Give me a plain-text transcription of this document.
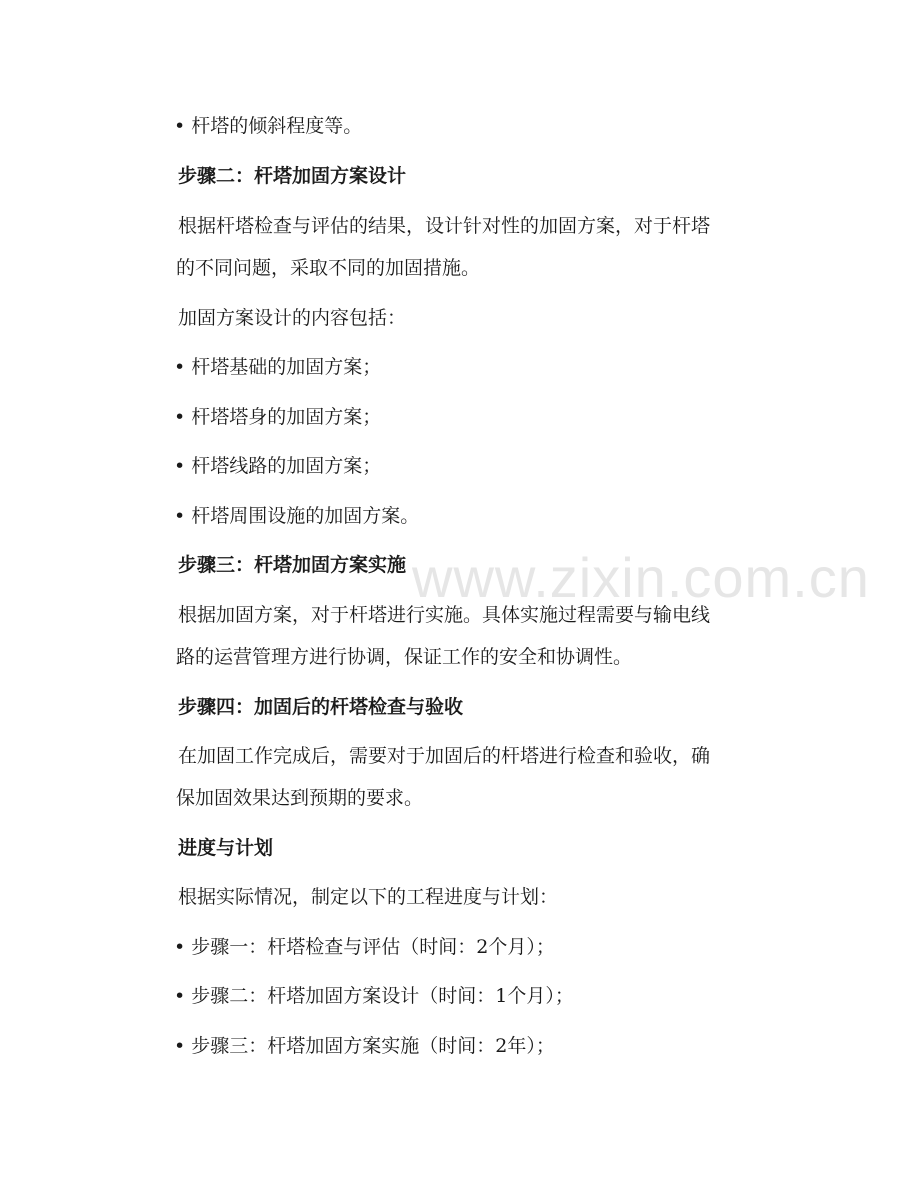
www.zixin.com.cn
• 杆塔的倾斜程度等。
步骤二：杆塔加固方案设计
根据杆塔检查与评估的结果，设计针对性的加固方案，对于杆塔
的不同问题，采取不同的加固措施。
加固方案设计的内容包括：
• 杆塔基础的加固方案；
• 杆塔塔身的加固方案；
• 杆塔线路的加固方案；
• 杆塔周围设施的加固方案。
步骤三：杆塔加固方案实施
根据加固方案，对于杆塔进行实施。具体实施过程需要与输电线
路的运营管理方进行协调，保证工作的安全和协调性。
步骤四：加固后的杆塔检查与验收
在加固工作完成后，需要对于加固后的杆塔进行检查和验收，确
保加固效果达到预期的要求。
进度与计划
根据实际情况，制定以下的工程进度与计划：
• 步骤一：杆塔检查与评估（时间：2个月）；
• 步骤二：杆塔加固方案设计（时间：1个月）；
• 步骤三：杆塔加固方案实施（时间：2年）；
